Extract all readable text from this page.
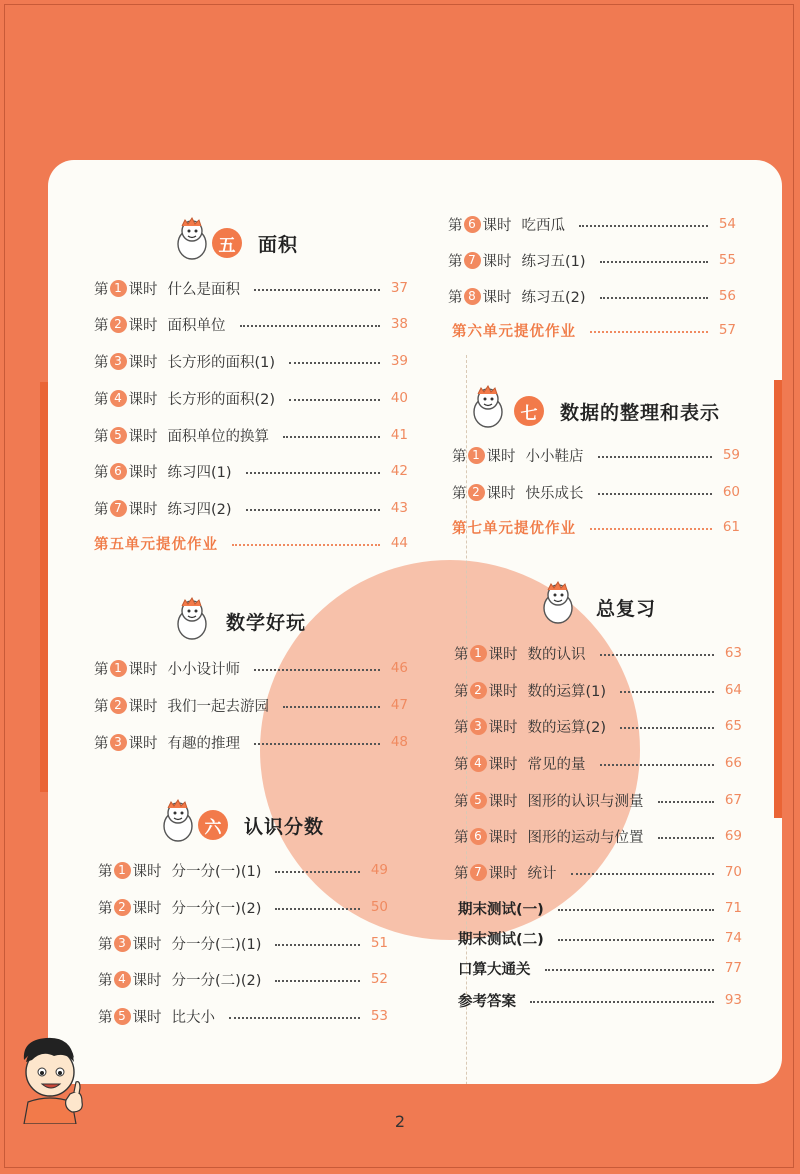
五	面积
第 1 课时 什么是面积	37
第 2 课时 面积单位	38
第 3 课时 长方形的面积(1)	39
第 4 课时 长方形的面积(2)	40
第 5 课时 面积单位的换算	41
第 6 课时 练习四(1)	42
第 7 课时 练习四(2)	43
第五单元提优作业	44
数学好玩
第 1 课时 小小设计师	46
第 2 课时 我们一起去游园	47
第 3 课时 有趣的推理	48
六	认识分数
第 1 课时 分一分(一)(1)	49
第 2 课时 分一分(一)(2)	50
第 3 课时 分一分(二)(1)	51
第 4 课时 分一分(二)(2)	52
第 5 课时 比大小	53
第 6 课时 吃西瓜	54
第 7 课时 练习五(1)	55
第 8 课时 练习五(2)	56
第六单元提优作业	57
七	数据的整理和表示
第 1 课时 小小鞋店	59
第 2 课时 快乐成长	60
第七单元提优作业	61
总复习
第 1 课时 数的认识	63
第 2 课时 数的运算(1)	64
第 3 课时 数的运算(2)	65
第 4 课时 常见的量	66
第 5 课时 图形的认识与测量	67
第 6 课时 图形的运动与位置	69
第 7 课时 统计	70
期末测试(一)	71
期末测试(二)	74
口算大通关	77
参考答案	93
2
